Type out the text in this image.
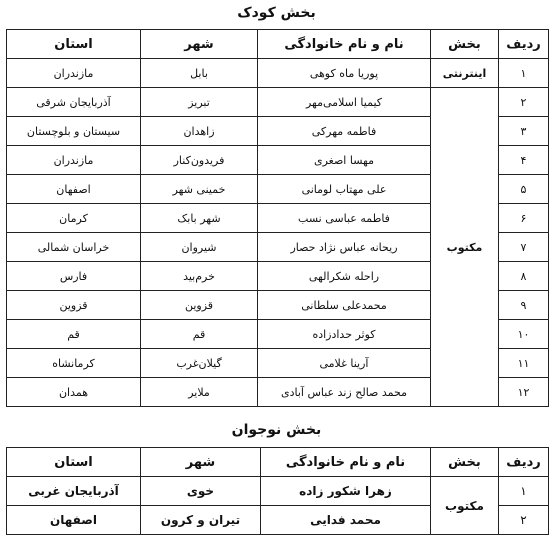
بخش کودک
ردیف	بخش	نام و نام خانوادگی	شهر	استان
۱	اینترنتی	پوریا ماه کوهی	بابل	مازندران
۲	مکتوب	کیمیا اسلامی‌مهر	تبریز	آذربایجان شرقی
۳		فاطمه مهرکی	زاهدان	سیستان و بلوچستان
۴		مهسا اصغری	فریدون‌کنار	مازندران
۵		علی مهتاب لومانی	خمینی شهر	اصفهان
۶		فاطمه عباسی نسب	شهر بابک	کرمان
۷		ریحانه عباس نژاد حصار	شیروان	خراسان شمالی
۸		راحله شکرالهی	خرم‌بید	فارس
۹		محمدعلی سلطانی	قزوین	قزوین
۱۰		کوثر حدادزاده	قم	قم
۱۱		آرینا غلامی	گیلان‌غرب	کرمانشاه
۱۲		محمد صالح زند عباس آبادی	ملایر	همدان
بخش نوجوان
ردیف	بخش	نام و نام خانوادگی	شهر	استان
۱	مکتوب	زهرا شکور زاده	خوی	آذربایجان غربی
۲		محمد فدایی	تیران و کرون	اصفهان
